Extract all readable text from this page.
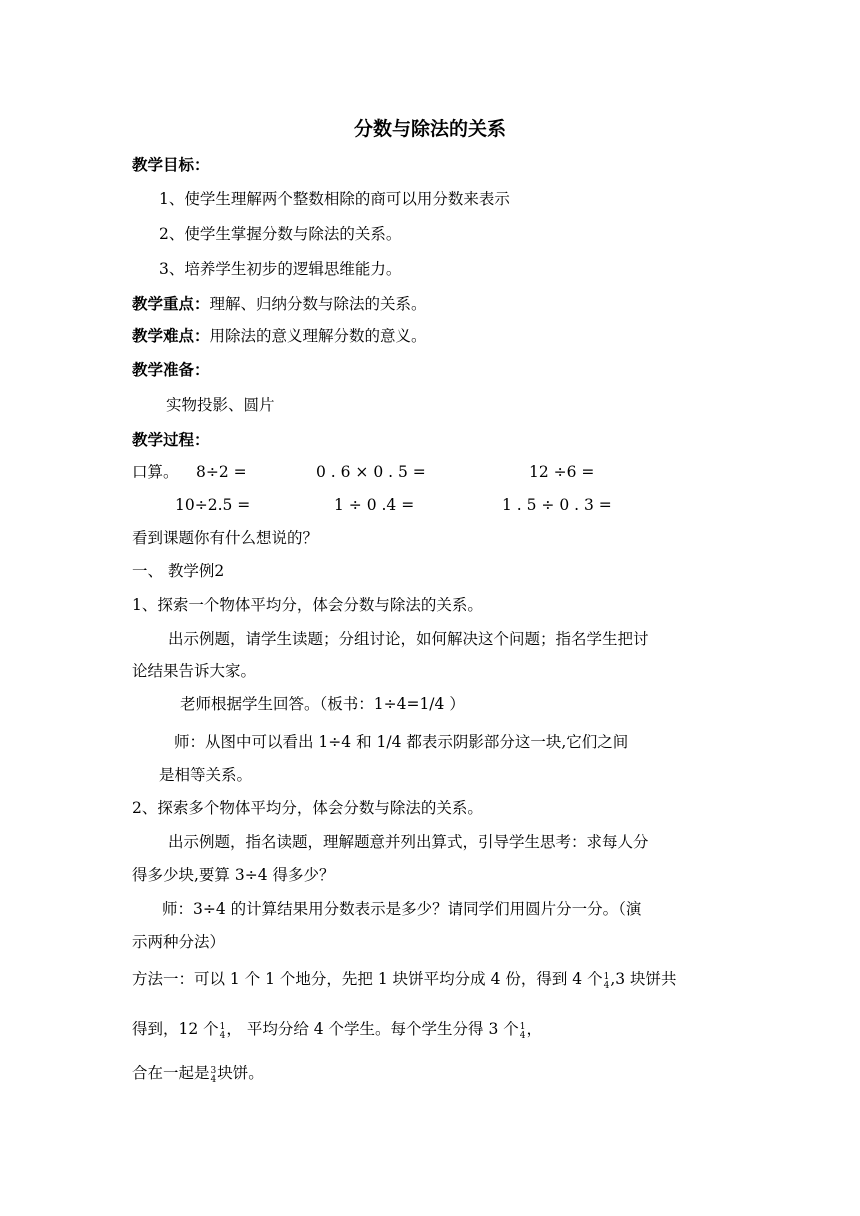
分数与除法的关系
教学目标：
1、使学生理解两个整数相除的商可以用分数来表示
2、使学生掌握分数与除法的关系。
3、培养学生初步的逻辑思维能力。
教学重点：理解、归纳分数与除法的关系。
教学难点：用除法的意义理解分数的意义。
教学准备：
实物投影、圆片
教学过程：
口算。 8÷2 =	0 . 6 × 0 . 5 =	12 ÷6 =
10÷2.5 =	1 ÷ 0 .4 =	1 . 5 ÷ 0 . 3 =
看到课题你有什么想说的？
一、 教学例2
1、探索一个物体平均分，体会分数与除法的关系。
出示例题，请学生读题；分组讨论，如何解决这个问题；指名学生把讨
论结果告诉大家。
老师根据学生回答。（板书：1÷4=1/4 ）
师：从图中可以看出 1÷4 和 1/4 都表示阴影部分这一块,它们之间
是相等关系。
2、探索多个物体平均分，体会分数与除法的关系。
出示例题，指名读题，理解题意并列出算式，引导学生思考：求每人分
得多少块,要算 3÷4 得多少？
师：3÷4 的计算结果用分数表示是多少？请同学们用圆片分一分。（演
示两种分法）
方法一：可以 1 个 1 个地分，先把 1 块饼平均分成 4 份，得到 4 个 1
4 ,3 块饼共
得到，12 个 1
4 ， 平均分给 4 个学生。每个学生分得 3 个 1
4 ，
合在一起是 3
4 块饼。
